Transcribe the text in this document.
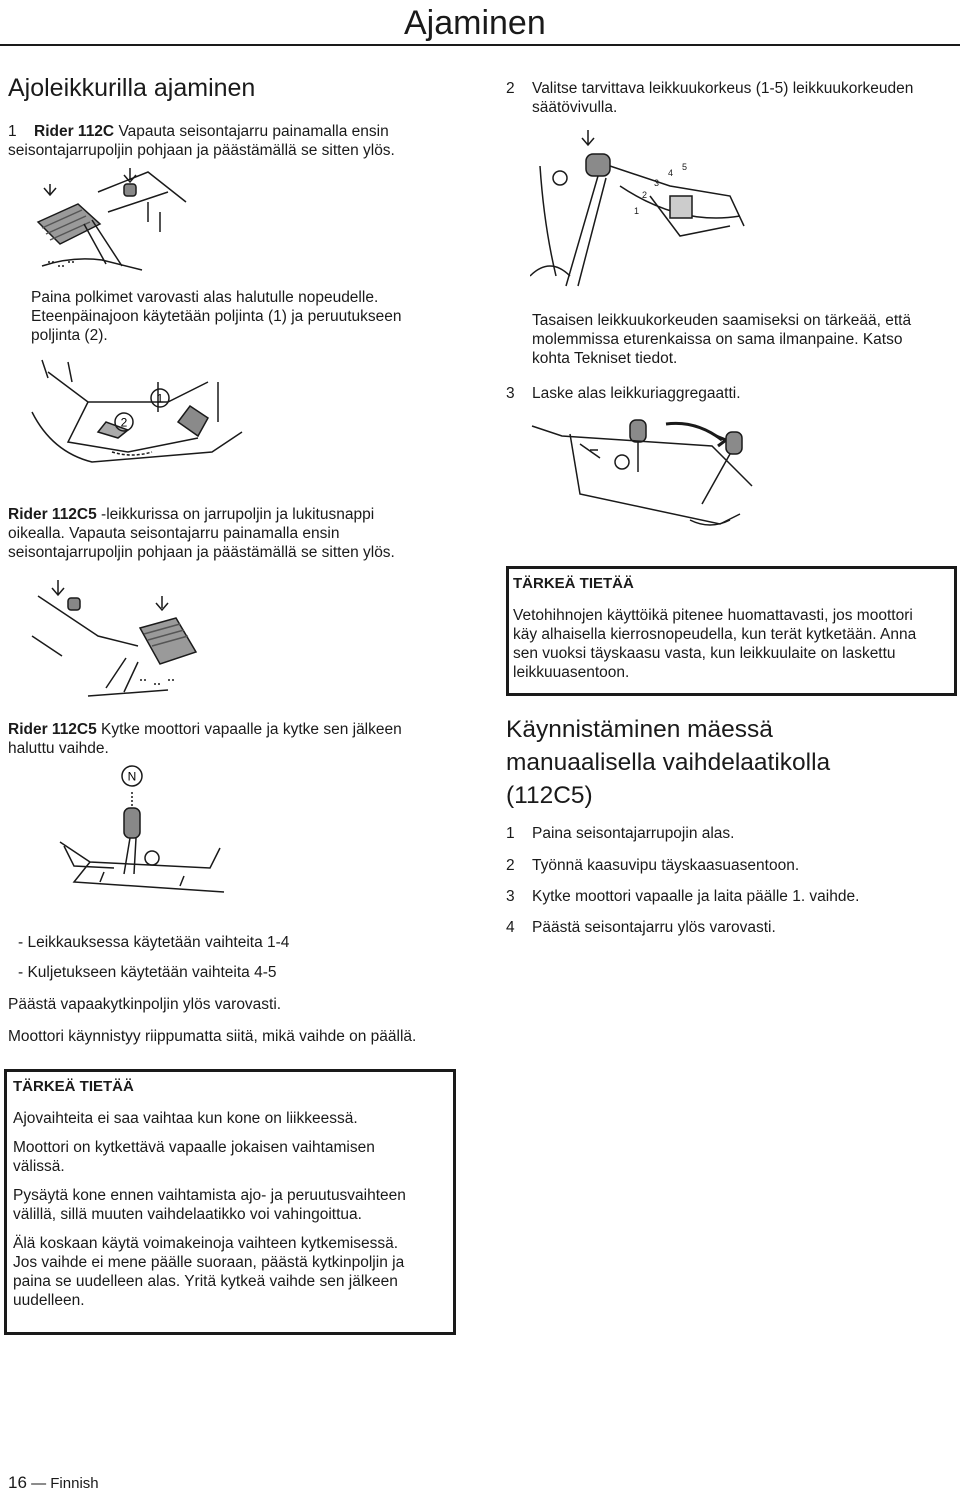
Ajaminen
Ajoleikkurilla ajaminen

1 Rider 112C Vapauta seisontajarru painamalla ensin
seisontajarrupoljin pohjaan ja päästämällä se sitten ylös.

Paina polkimet varovasti alas halutulle nopeudelle.
Eteenpäinajoon käytetään poljinta (1) ja peruutukseen
poljinta (2).

2
1

Rider 112C5 -leikkurissa on jarrupoljin ja lukitusnappi
oikealla. Vapauta seisontajarru painamalla ensin
seisontajarrupoljin pohjaan ja päästämällä se sitten ylös.

Rider 112C5 Kytke moottori vapaalle ja kytke sen jälkeen
haluttu vaihde.

N

- Leikkauksessa käytetään vaihteita 1-4

- Kuljetukseen käytetään vaihteita 4-5

Päästä vapaakytkinpoljin ylös varovasti.

Moottori käynnistyy riippumatta siitä, mikä vaihde on päällä.

TÄRKEÄ TIETÄÄ

Ajovaihteita ei saa vaihtaa kun kone on liikkeessä.

Moottori on kytkettävä vapaalle jokaisen vaihtamisen
välissä.

Pysäytä kone ennen vaihtamista ajo- ja peruutusvaihteen
välillä, sillä muuten vaihdelaatikko voi vahingoittua.

Älä koskaan käytä voimakeinoja vaihteen kytkemisessä.
Jos vaihde ei mene päälle suoraan, päästä kytkinpoljin ja
paina se uudelleen alas. Yritä kytkeä vaihde sen jälkeen
uudelleen.

2 Valitse tarvittava leikkuukorkeus (1-5) leikkuukorkeuden
säätövivulla.

1
2
3
4
5

Tasaisen leikkuukorkeuden saamiseksi on tärkeää, että
molemmissa eturenkaissa on sama ilmanpaine. Katso
kohta Tekniset tiedot.

3 Laske alas leikkuriaggregaatti.

TÄRKEÄ TIETÄÄ

Vetohihnojen käyttöikä pitenee huomattavasti, jos moottori
käy alhaisella kierrosnopeudella, kun terät kytketään. Anna
sen vuoksi täyskaasu vasta, kun leikkuulaite on laskettu
leikkuuasentoon.

Käynnistäminen mäessä
manuaalisella vaihdelaatikolla
(112C5)

1 Paina seisontajarrupojin alas.

2 Työnnä kaasuvipu täyskaasuasentoon.

3 Kytke moottori vapaalle ja laita päälle 1. vaihde.

4 Päästä seisontajarru ylös varovasti.

16 — Finnish
